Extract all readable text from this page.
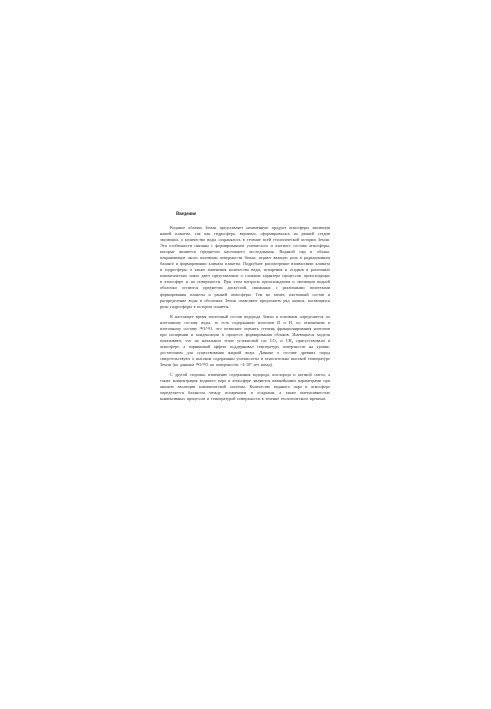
Введение

Водяное облачко Земли представляет неизменную продукт атмосферы эволюции нашей планеты, так как гидросфера, вероятно, сформировалась на ранней стадии эволюции, а количество воды сохранялось в течение всей геологической истории Земли. Эти особенности связаны с формированием углекислого и азотного состава атмосферы, которые являются предметом настоящего исследования. Водяной пар и облака, покрывающие около половины поверхности Земли, играют важную роль в радиационном балансе и формировании климата планеты. Подробное рассмотрение взаимосвязи климата и гидросферы, а также изменения количества воды, испарения и осадков в различных климатических зонах дают представление о сложном характере процессов, происходящих в атмосфере и на поверхности. При этом вопросы происхождения и эволюции водной оболочки остаются предметом дискуссий, связанных с различными гипотезами формирования планеты и ранней атмосферы. Тем не менее, изотопный состав и распределение воды в оболочках Земли позволяют предложить ряд оценок, касающихся роли гидросферы в истории планеты.

В настоящее время изотопный состав водорода Земли в основном определяется по изотопному составу воды, то есть содержанию изотопов D и H, по отношению к изотопному составу ¹⁸O/¹⁶O, что позволяет оценить степень фракционирования изотопов при испарении и конденсации в процессе формирования облаков. Имеющиеся модели показывают, что на начальном этапе углекислый газ CO₂ и CH₄ присутствовали в атмосфере, а парниковый эффект поддерживал температуру поверхности на уровне, достаточном для существования жидкой воды. Данные о составе древних пород свидетельствуют о высоком содержании углекислоты и относительно высокой температуре Земли (по данным ¹⁸O/¹⁶O на поверхности ~4·10⁹ лет назад).

С другой стороны, изменение содержания водорода, кислорода и азотной смеси, а также концентрация водяного пара в атмосфере являются важнейшими параметрами при анализе эволюции климатической системы. Количество водяного пара в атмосфере определяется балансом между испарением и осадками, а также интенсивностью конвективных процессов и температурой поверхности в течение геологического времени.
